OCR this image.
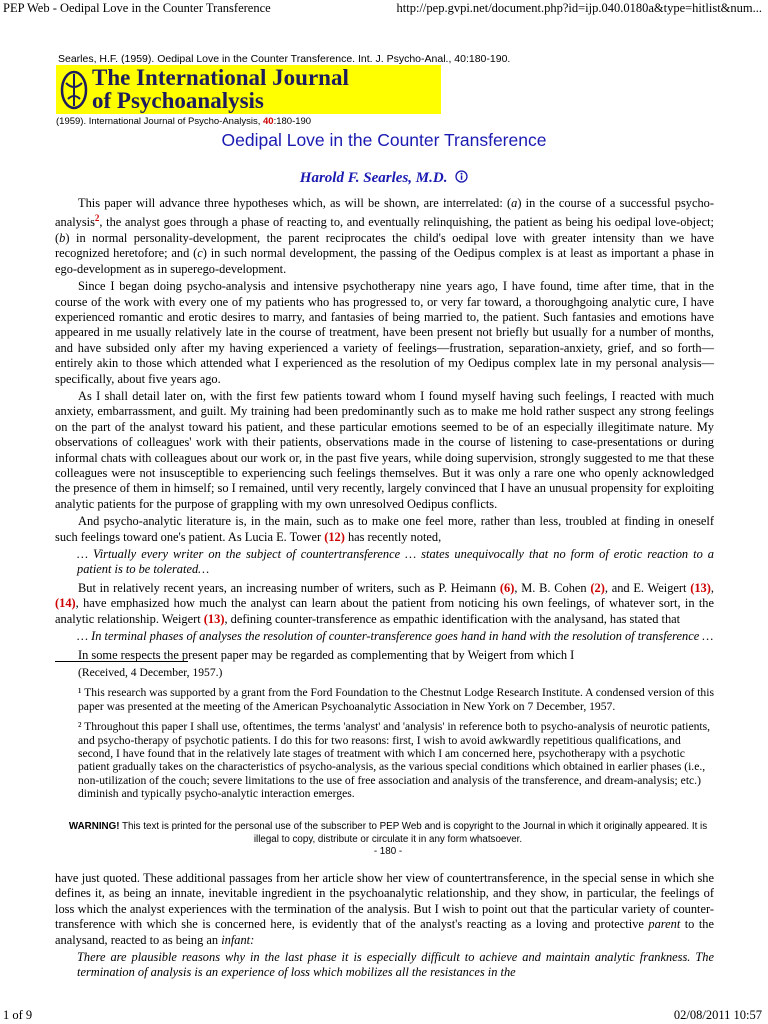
PEP Web - Oedipal Love in the Counter Transference	http://pep.gvpi.net/document.php?id=ijp.040.0180a&type=hitlist&num...
Searles, H.F. (1959). Oedipal Love in the Counter Transference. Int. J. Psycho-Anal., 40:180-190.
The International Journal
of Psychoanalysis
(1959). International Journal of Psycho-Analysis, 40:180-190
Oedipal Love in the Counter Transference
Harold F. Searles, M.D.

This paper will advance three hypotheses which, as will be shown, are interrelated: (a) in the course of a successful psycho-analysis$^2$, the analyst goes through a phase of reacting to, and eventually relinquishing, the patient as being his oedipal love-object; (b) in normal personality-development, the parent reciprocates the child's oedipal love with greater intensity than we have recognized heretofore; and (c) in such normal development, the passing of the Oedipus complex is at least as important a phase in ego-development as in superego-development.

Since I began doing psycho-analysis and intensive psychotherapy nine years ago, I have found, time after time, that in the course of the work with every one of my patients who has progressed to, or very far toward, a thoroughgoing analytic cure, I have experienced romantic and erotic desires to marry, and fantasies of being married to, the patient. Such fantasies and emotions have appeared in me usually relatively late in the course of treatment, have been present not briefly but usually for a number of months, and have subsided only after my having experienced a variety of feelings—frustration, separation-anxiety, grief, and so forth—entirely akin to those which attended what I experienced as the resolution of my Oedipus complex late in my personal analysis—specifically, about five years ago.

As I shall detail later on, with the first few patients toward whom I found myself having such feelings, I reacted with much anxiety, embarrassment, and guilt. My training had been predominantly such as to make me hold rather suspect any strong feelings on the part of the analyst toward his patient, and these particular emotions seemed to be of an especially illegitimate nature. My observations of colleagues' work with their patients, observations made in the course of listening to case-presentations or during informal chats with colleagues about our work or, in the past five years, while doing supervision, strongly suggested to me that these colleagues were not insusceptible to experiencing such feelings themselves. But it was only a rare one who openly acknowledged the presence of them in himself; so I remained, until very recently, largely convinced that I have an unusual propensity for exploiting analytic patients for the purpose of grappling with my own unresolved Oedipus conflicts.

And psycho-analytic literature is, in the main, such as to make one feel more, rather than less, troubled at finding in oneself such feelings toward one's patient. As Lucia E. Tower (12) has recently noted,

… Virtually every writer on the subject of countertransference … states unequivocally that no form of erotic reaction to a patient is to be tolerated…

But in relatively recent years, an increasing number of writers, such as P. Heimann (6), M. B. Cohen (2), and E. Weigert (13), (14), have emphasized how much the analyst can learn about the patient from noticing his own feelings, of whatever sort, in the analytic relationship. Weigert (13), defining counter-transference as empathic identification with the analysand, has stated that

… In terminal phases of analyses the resolution of counter-transference goes hand in hand with the resolution of transference …

In some respects the present paper may be regarded as complementing that by Weigert from which I

(Received, 4 December, 1957.)

¹ This research was supported by a grant from the Ford Foundation to the Chestnut Lodge Research Institute. A condensed version of this paper was presented at the meeting of the American Psychoanalytic Association in New York on 7 December, 1957.

² Throughout this paper I shall use, oftentimes, the terms 'analyst' and 'analysis' in reference both to psycho-analysis of neurotic patients, and psycho-therapy of psychotic patients. I do this for two reasons: first, I wish to avoid awkwardly repetitious qualifications, and second, I have found that in the relatively late stages of treatment with which I am concerned here, psychotherapy with a psychotic patient gradually takes on the characteristics of psycho-analysis, as the various special conditions which obtained in earlier phases (i.e., non-utilization of the couch; severe limitations to the use of free association and analysis of the transference, and dream-analysis; etc.) diminish and typically psycho-analytic interaction emerges.

WARNING! This text is printed for the personal use of the subscriber to PEP Web and is copyright to the Journal in which it originally appeared. It is illegal to copy, distribute or circulate it in any form whatsoever.
- 180 -

have just quoted. These additional passages from her article show her view of countertransference, in the special sense in which she defines it, as being an innate, inevitable ingredient in the psychoanalytic relationship, and they show, in particular, the feelings of loss which the analyst experiences with the termination of the analysis. But I wish to point out that the particular variety of counter-transference with which she is concerned here, is evidently that of the analyst's reacting as a loving and protective parent to the analysand, reacted to as being an infant:

There are plausible reasons why in the last phase it is especially difficult to achieve and maintain analytic frankness. The termination of analysis is an experience of loss which mobilizes all the resistances in the

1 of 9	02/08/2011 10:57
